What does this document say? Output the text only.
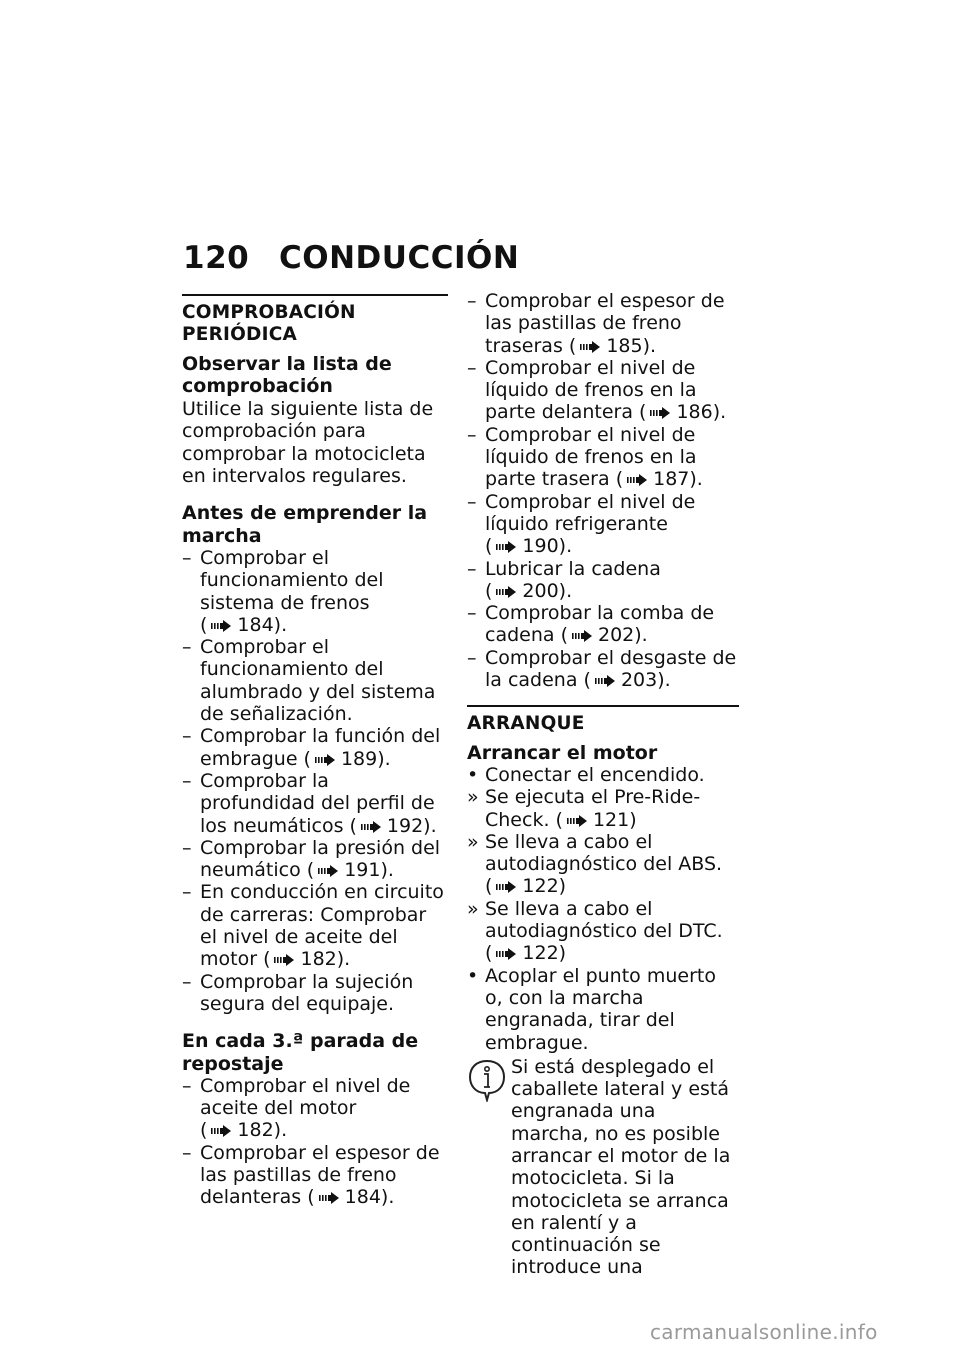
120 CONDUCCIÓN
COMPROBACIÓN PERIÓDICA
Observar la lista de comprobación
Utilice la siguiente lista de comprobación para comprobar la motocicleta en intervalos regulares.
Antes de emprender la marcha
– Comprobar el funcionamiento del sistema de frenos ( 184).
– Comprobar el funcionamiento del alumbrado y del sistema de señalización.
– Comprobar la función del embrague ( 189).
– Comprobar la profundidad del perfil de los neumáticos ( 192).
– Comprobar la presión del neumático ( 191).
– En conducción en circuito de carreras: Comprobar el nivel de aceite del motor ( 182).
– Comprobar la sujeción segura del equipaje.
En cada 3.ª parada de repostaje
– Comprobar el nivel de aceite del motor ( 182).
– Comprobar el espesor de las pastillas de freno delanteras ( 184).
– Comprobar el espesor de las pastillas de freno traseras ( 185).
– Comprobar el nivel de líquido de frenos en la parte delantera ( 186).
– Comprobar el nivel de líquido de frenos en la parte trasera ( 187).
– Comprobar el nivel de líquido refrigerante ( 190).
– Lubricar la cadena ( 200).
– Comprobar la comba de cadena ( 202).
– Comprobar el desgaste de la cadena ( 203).
ARRANQUE
Arrancar el motor
• Conectar el encendido.
» Se ejecuta el Pre-Ride-Check. ( 121)
» Se lleva a cabo el autodiagnóstico del ABS. ( 122)
» Se lleva a cabo el autodiagnóstico del DTC. ( 122)
• Acoplar el punto muerto o, con la marcha engranada, tirar del embrague.
Si está desplegado el caballete lateral y está engranada una marcha, no es posible arrancar el motor de la motocicleta. Si la motocicleta se arranca en ralentí y a continuación se introduce una
carmanualsonline.info
